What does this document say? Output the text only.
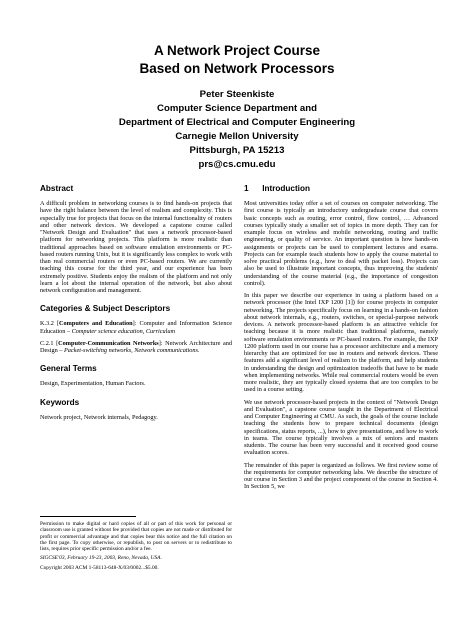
A Network Project Course
Based on Network Processors
Peter Steenkiste
Computer Science Department and
Department of Electrical and Computer Engineering
Carnegie Mellon University
Pittsburgh, PA 15213
prs@cs.cmu.edu
Abstract
A difficult problem in networking courses is to find hands-on projects that have the right balance between the level of realism and complexity. This is especially true for projects that focus on the internal functionality of routers and other network devices. We developed a capstone course called "Network Design and Evaluation" that uses a network processor-based platform for networking projects. This platform is more realistic than traditional approaches based on software emulation environments or PC-based routers running Unix, but it is significantly less complex to work with than real commercial routers or even PC-based routers. We are currently teaching this course for the third year, and our experience has been extremely positive. Students enjoy the realism of the platform and not only learn a lot about the internal operation of the network, but also about network configuration and management.
Categories & Subject Descriptors
K.3.2 [Computers and Education]: Computer and Information Science Education – Computer science education, Curriculum
C.2.1 [Computer-Communication Networks]: Network Architecture and Design – Packet-switching networks, Network communications.
General Terms
Design, Experimentation, Human Factors.
Keywords
Network project, Network internals, Pedagogy.
Permission to make digital or hard copies of all or part of this work for personal or classroom use is granted without fee provided that copies are not made or distributed for profit or commercial advantage and that copies bear this notice and the full citation on the first page. To copy otherwise, or republish, to post on servers or to redistribute to lists, requires prior specific permission and/or a fee.
SIGCSE'03, February 19-23, 2003, Reno, Nevada, USA.
Copyright 2003 ACM 1-58113-648-X/03/0002...$5.00.
1      Introduction
Most universities today offer a set of courses on computer networking. The first course is typically an introductory undergraduate course that covers basic concepts such as routing, error control, flow control, … Advanced courses typically study a smaller set of topics in more depth. They can for example focus on wireless and mobile networking, routing and traffic engineering, or quality of service. An important question is how hands-on assignments or projects can be used to complement lectures and exams. Projects can for example teach students how to apply the course material to solve practical problems (e.g., how to deal with packet loss). Projects can also be used to illustrate important concepts, thus improving the students' understanding of the course material (e.g., the importance of congestion control).
In this paper we describe our experience in using a platform based on a network processor (the Intel IXP 1200 [1]) for course projects in computer networking. The projects specifically focus on learning in a hands-on fashion about network internals, e.g., routers, switches, or special-purpose network devices. A network processor-based platform is an attractive vehicle for teaching because it is more realistic than traditional platforms, namely software emulation environments or PC-based routers. For example, the IXP 1200 platform used in our course has a processor architecture and a memory hierarchy that are optimized for use in routers and network devices. These features add a significant level of realism to the platform, and help students in understanding the design and optimization tradeoffs that have to be made when implementing networks. While real commercial routers would be even more realistic, they are typically closed systems that are too complex to be used in a course setting.
We use network processor-based projects in the context of "Network Design and Evaluation", a capstone course taught in the Department of Electrical and Computer Engineering at CMU. As such, the goals of the course include teaching the students how to prepare technical documents (design specifications, status reports, ...), how to give presentations, and how to work in teams. The course typically involves a mix of seniors and masters students. The course has been very successful and it received good course evaluation scores.
The remainder of this paper is organized as follows. We first review some of the requirements for computer networking labs. We describe the structure of our course in Section 3 and the project component of the course in Section 4. In Section 5, we
